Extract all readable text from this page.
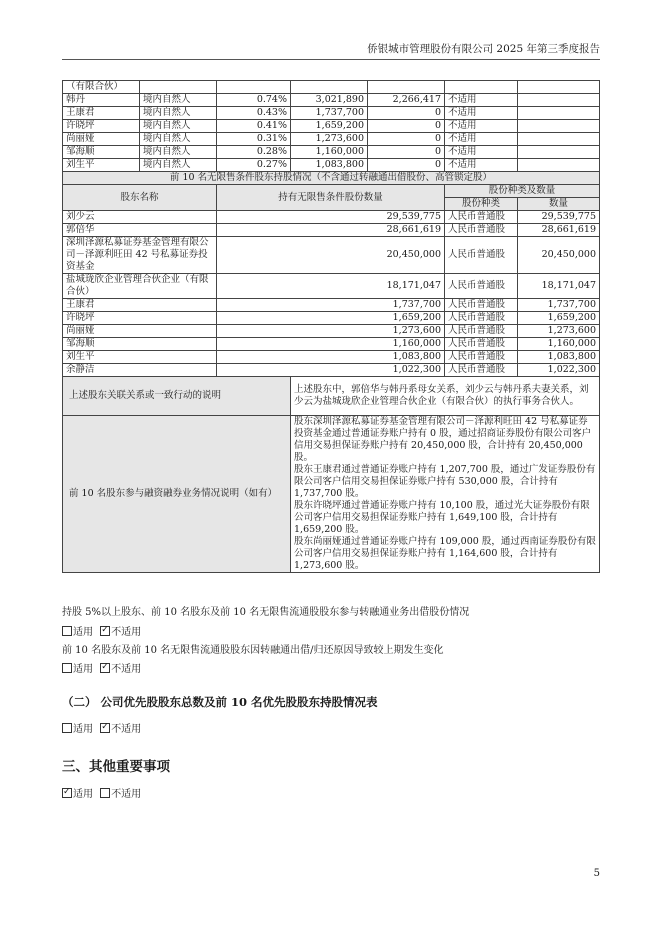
侨银城市管理股份有限公司 2025 年第三季度报告
（有限合伙）						
韩丹	境内自然人	0.74%	3,021,890	2,266,417	不适用	
王康君	境内自然人	0.43%	1,737,700	0	不适用	
许晓坪	境内自然人	0.41%	1,659,200	0	不适用	
尚丽娅	境内自然人	0.31%	1,273,600	0	不适用	
邹海顺	境内自然人	0.28%	1,160,000	0	不适用	
刘生平	境内自然人	0.27%	1,083,800	0	不适用	
前 10 名无限售条件股东持股情况（不含通过转融通出借股份、高管锁定股）						
股东名称		持有无限售条件股份数量			股份种类及数量	
					股份种类	数量
刘少云		29,539,775			人民币普通股	29,539,775
郭倍华		28,661,619			人民币普通股	28,661,619
深圳泽源私募证券基金管理有限公司－泽源利旺田 42 号私募证券投资基金		20,450,000			人民币普通股	20,450,000
盐城珑欣企业管理合伙企业（有限合伙）		18,171,047			人民币普通股	18,171,047
王康君		1,737,700			人民币普通股	1,737,700
许晓坪		1,659,200			人民币普通股	1,659,200
尚丽娅		1,273,600			人民币普通股	1,273,600
邹海顺		1,160,000			人民币普通股	1,160,000
刘生平		1,083,800			人民币普通股	1,083,800
余静洁		1,022,300			人民币普通股	1,022,300
上述股东关联关系或一致行动的说明			上述股东中，郭倍华与韩丹系母女关系，刘少云与韩丹系夫妻关系，刘少云为盐城珑欣企业管理合伙企业（有限合伙）的执行事务合伙人。			
前 10 名股东参与融资融券业务情况说明（如有）			股东深圳泽源私募证券基金管理有限公司－泽源利旺田 42 号私募证券投资基金通过普通证券账户持有 0 股，通过招商证券股份有限公司客户信用交易担保证券账户持有 20,450,000 股，合计持有 20,450,000 股。
股东王康君通过普通证券账户持有 1,207,700 股，通过广发证券股份有限公司客户信用交易担保证券账户持有 530,000 股，合计持有 1,737,700 股。
股东许晓坪通过普通证券账户持有 10,100 股，通过光大证券股份有限公司客户信用交易担保证券账户持有 1,649,100 股，合计持有 1,659,200 股。
股东尚丽娅通过普通证券账户持有 109,000 股，通过西南证券股份有限公司客户信用交易担保证券账户持有 1,164,600 股，合计持有 1,273,600 股。			
持股 5%以上股东、前 10 名股东及前 10 名无限售流通股股东参与转融通业务出借股份情况
适用 ✓ 不适用
前 10 名股东及前 10 名无限售流通股股东因转融通出借/归还原因导致较上期发生变化
适用 ✓ 不适用
（二） 公司优先股股东总数及前 10 名优先股股东持股情况表
适用 ✓ 不适用
三、其他重要事项
✓适用 不适用
5
